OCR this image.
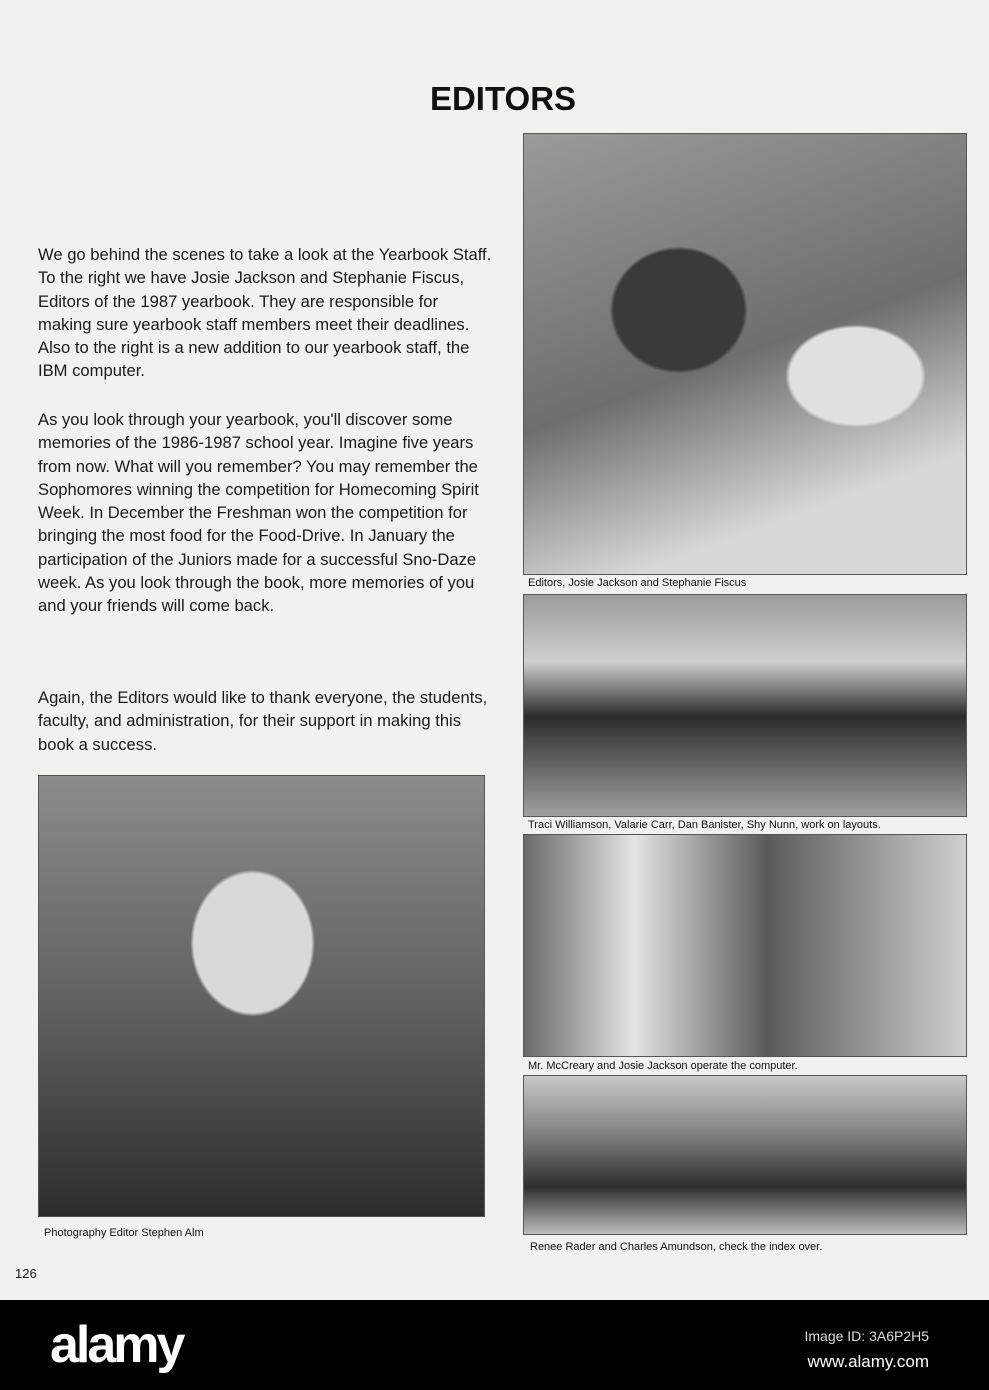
EDITORS

We go behind the scenes to take a look at the Yearbook Staff. To the right we have Josie Jackson and Stephanie Fiscus, Editors of the 1987 yearbook. They are responsible for making sure yearbook staff members meet their deadlines. Also to the right is a new addition to our yearbook staff, the IBM computer.

As you look through your yearbook, you'll discover some memories of the 1986-1987 school year. Imagine five years from now. What will you remember? You may remember the Sophomores winning the competition for Homecoming Spirit Week. In December the Freshman won the competition for bringing the most food for the Food-Drive. In January the participation of the Juniors made for a successful Sno-Daze week. As you look through the book, more memories of you and your friends will come back.

Again, the Editors would like to thank everyone, the students, faculty, and administration, for their support in making this book a success.

Editors, Josie Jackson and Stephanie Fiscus
Traci Williamson, Valarie Carr, Dan Banister, Shy Nunn, work on layouts.
Mr. McCreary and Josie Jackson operate the computer.
Renee Rader and Charles Amundson, check the index over.
Photography Editor Stephen Alm
126
alamy	Image ID: 3A6P2H5
www.alamy.com
